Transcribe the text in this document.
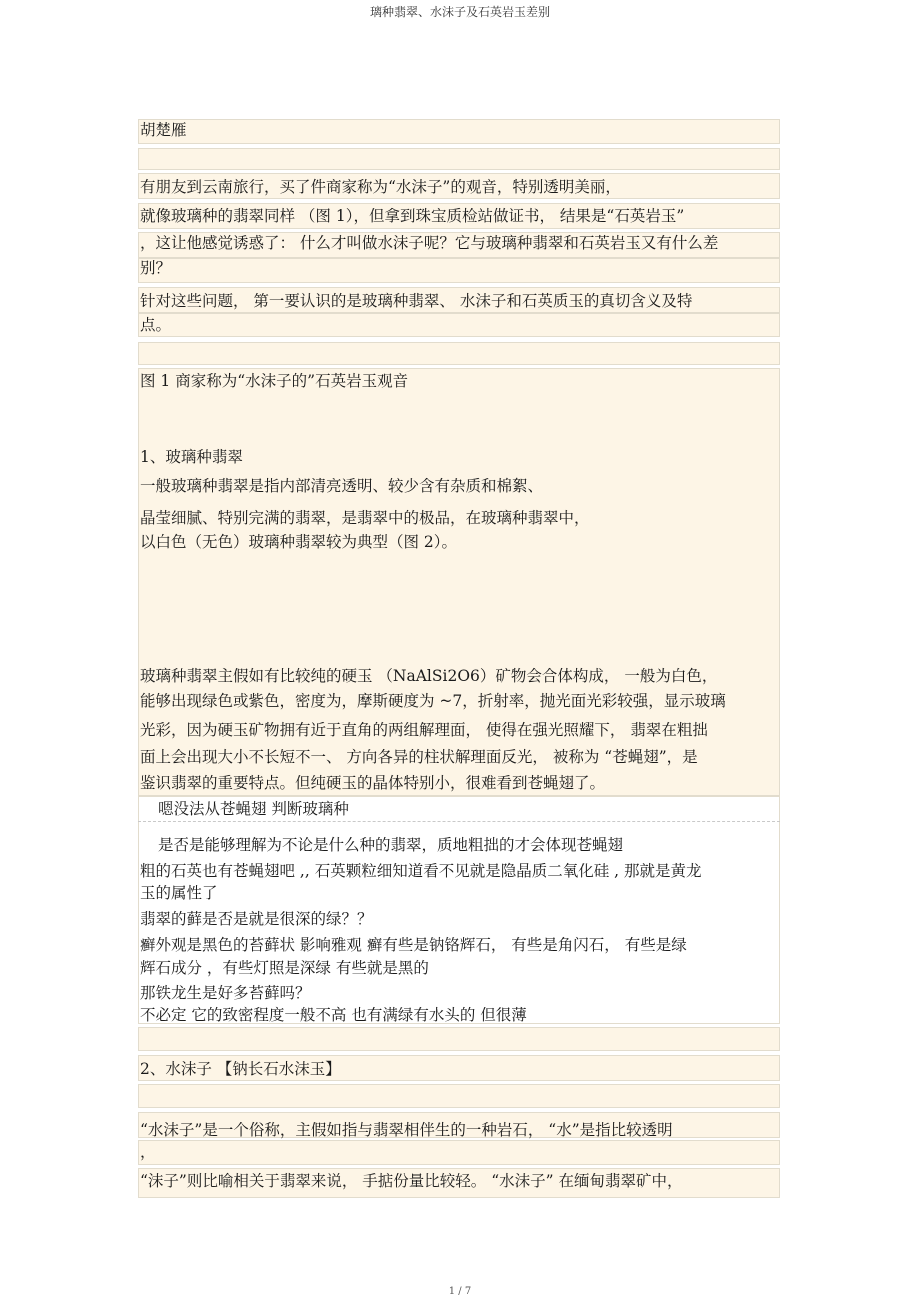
璃种翡翠、水沫子及石英岩玉差别
胡楚雁
有朋友到云南旅行，买了件商家称为“水沫子”的观音，特别透明美丽，
就像玻璃种的翡翠同样 （图 1），但拿到珠宝质检站做证书， 结果是“石英岩玉”
，这让他感觉诱惑了： 什么才叫做水沫子呢？它与玻璃种翡翠和石英岩玉又有什么差
别？
针对这些问题， 第一要认识的是玻璃种翡翠、 水沫子和石英质玉的真切含义及特
点。
图 1 商家称为“水沫子的”石英岩玉观音
1、玻璃种翡翠
一般玻璃种翡翠是指内部清亮透明、较少含有杂质和棉絮、
晶莹细腻、特别完满的翡翠，是翡翠中的极品，在玻璃种翡翠中，
以白色（无色）玻璃种翡翠较为典型（图 2）。
玻璃种翡翠主假如有比较纯的硬玉 （NaAlSi2O6）矿物会合体构成， 一般为白色，
能够出现绿色或紫色，密度为，摩斯硬度为 ~7，折射率，抛光面光彩较强，显示玻璃
光彩，因为硬玉矿物拥有近于直角的两组解理面， 使得在强光照耀下， 翡翠在粗拙
面上会出现大小不长短不一、 方向各异的柱状解理面反光， 被称为 “苍蝇翅”，是
鉴识翡翠的重要特点。但纯硬玉的晶体特别小，很难看到苍蝇翅了。
嗯没法从苍蝇翅 判断玻璃种
是否是能够理解为不论是什么种的翡翠，质地粗拙的才会体现苍蝇翅
粗的石英也有苍蝇翅吧 ,, 石英颗粒细知道看不见就是隐晶质二氧化硅 , 那就是黄龙
玉的属性了
翡翠的藓是否是就是很深的绿？？
癣外观是黑色的苔藓状 影响雅观 癣有些是钠铬辉石， 有些是角闪石， 有些是绿
辉石成分 ，有些灯照是深绿 有些就是黑的
那铁龙生是好多苔藓吗？
不必定 它的致密程度一般不高 也有满绿有水头的 但很薄
2、水沫子 【钠长石水沫玉】
“水沫子”是一个俗称，主假如指与翡翠相伴生的一种岩石， “水”是指比较透明
，
“沫子”则比喻相关于翡翠来说， 手掂份量比较轻。 “水沫子” 在缅甸翡翠矿中，
1 / 7
